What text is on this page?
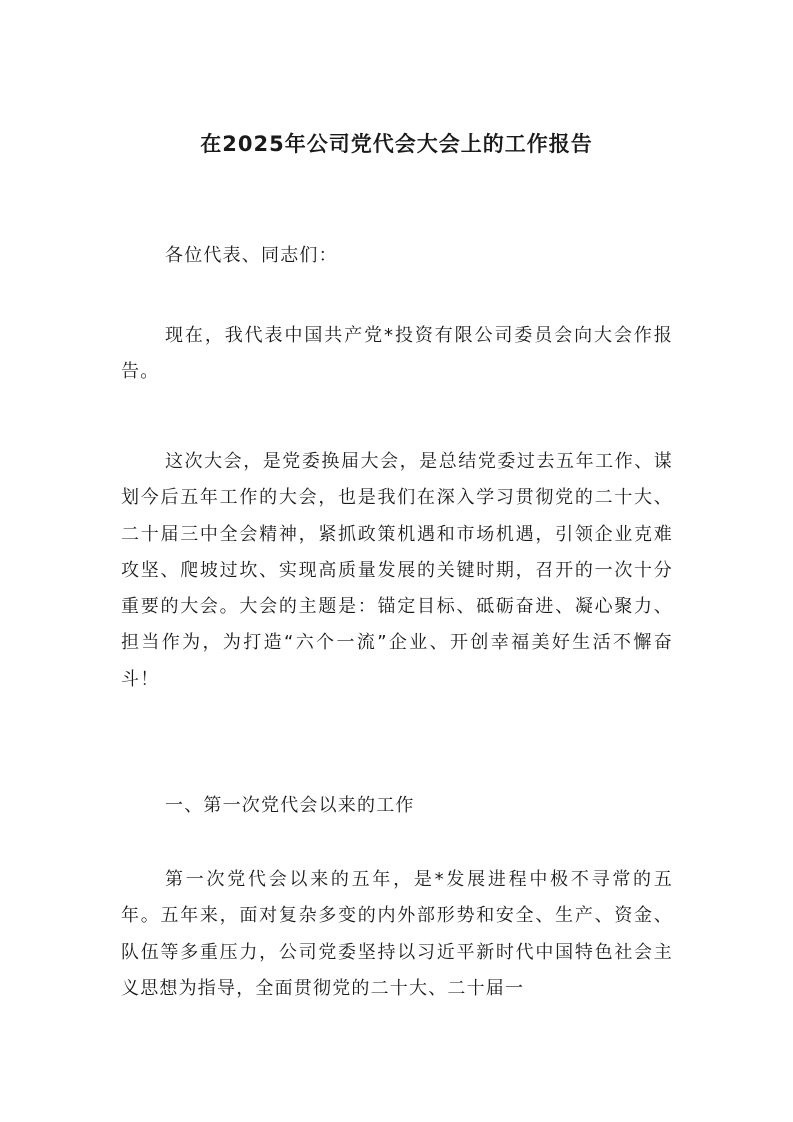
在2025年公司党代会大会上的工作报告

各位代表、同志们：

现在，我代表中国共产党*投资有限公司委员会向大会作报告。

这次大会，是党委换届大会，是总结党委过去五年工作、谋划今后五年工作的大会，也是我们在深入学习贯彻党的二十大、二十届三中全会精神，紧抓政策机遇和市场机遇，引领企业克难攻坚、爬坡过坎、实现高质量发展的关键时期，召开的一次十分重要的大会。大会的主题是：锚定目标、砥砺奋进、凝心聚力、担当作为，为打造“六个一流”企业、开创幸福美好生活不懈奋斗！

一、第一次党代会以来的工作

第一次党代会以来的五年，是*发展进程中极不寻常的五年。五年来，面对复杂多变的内外部形势和安全、生产、资金、队伍等多重压力，公司党委坚持以习近平新时代中国特色社会主义思想为指导，全面贯彻党的二十大、二十届一
